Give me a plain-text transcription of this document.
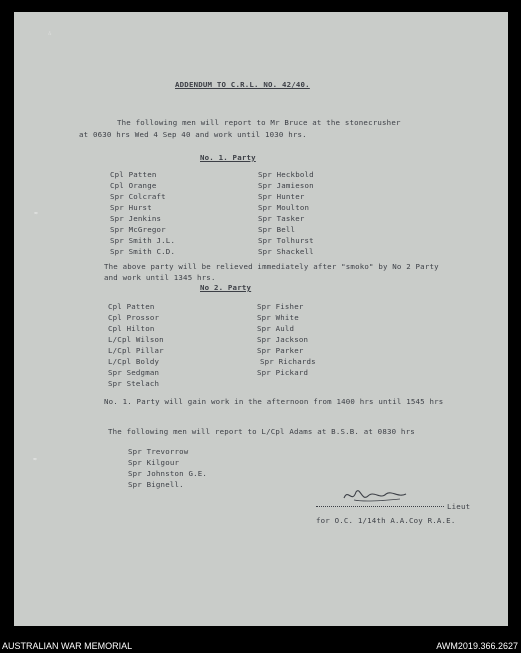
∴
≈
≈
ADDENDUM TO C.R.L. NO. 42/40.
The following men will report to Mr Bruce at the stonecrusher
at 0630 hrs Wed 4 Sep 40 and work until 1030 hrs.
No. 1. Party
Cpl Patten
Cpl Orange
Spr Colcraft
Spr Hurst
Spr Jenkins
Spr McGregor
Spr Smith J.L.
Spr Smith C.D.
Spr Heckbold
Spr Jamieson
Spr Hunter
Spr Moulton
Spr Tasker
Spr Bell
Spr Tolhurst
Spr Shackell
The above party will be relieved immediately after "smoko" by No 2 Party
and work until 1345 hrs.
No 2. Party
Cpl Patten
Cpl Prossor
Cpl Hilton
L/Cpl Wilson
L/Cpl Pillar
L/Cpl Boldy
Spr Sedgman
Spr Stelach
Spr Fisher
Spr White
Spr Auld
Spr Jackson
Spr Parker
Spr Richards
Spr Pickard
No. 1. Party will gain work in the afternoon from 1400 hrs until 1545 hrs
The following men will report to L/Cpl Adams at B.S.B. at 0830 hrs
Spr Trevorrow
Spr Kilgour
Spr Johnston G.E.
Spr Bignell.
Lieut
for O.C. 1/14th A.A.Coy R.A.E.
AUSTRALIAN WAR MEMORIAL	AWM2019.366.2627
